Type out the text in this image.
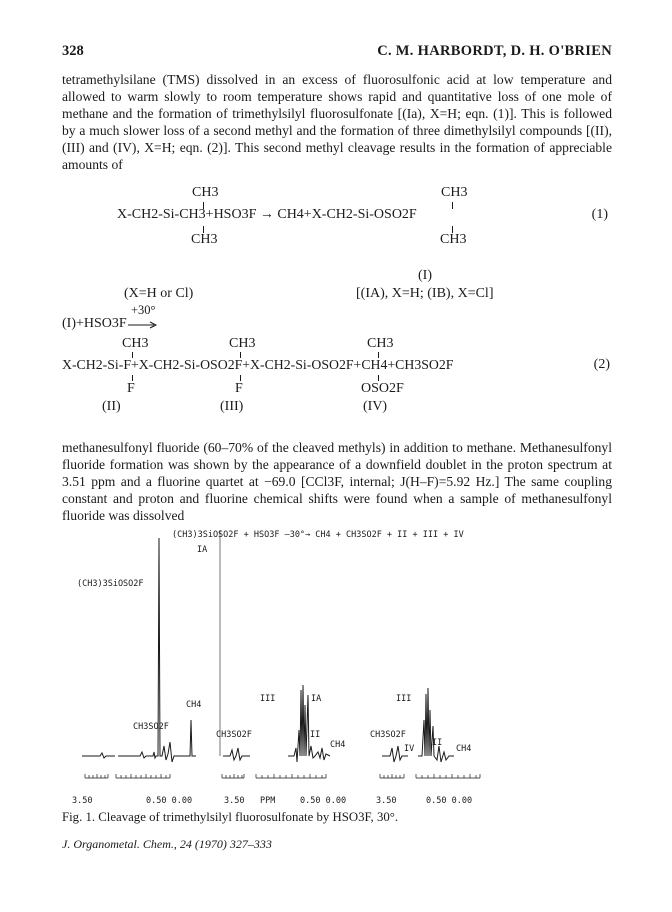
328	C. M. HARBORDT, D. H. O'BRIEN
tetramethylsilane (TMS) dissolved in an excess of fluorosulfonic acid at low temperature and allowed to warm slowly to room temperature shows rapid and quantitative loss of one mole of methane and the formation of trimethylsilyl fluorosulfonate [(Ia), X=H; eqn. (1)]. This is followed by a much slower loss of a second methyl and the formation of three dimethylsilyl compounds [(II), (III) and (IV), X=H; eqn. (2)]. This second methyl cleavage results in the formation of appreciable amounts of
CH3	CH3
X-CH2-Si-CH3+HSO3F → CH4+X-CH2-Si-OSO2F
CH3	CH3
(1)
(I)
(X=H or Cl)	[(IA), X=H; (IB), X=Cl]
+30°
(I)+HSO3F
CH3	CH3	CH3
X-CH2-Si-F+X-CH2-Si-OSO2F+X-CH2-Si-OSO2F+CH4+CH3SO2F	(2)
F	F	OSO2F
(II)	(III)	(IV)
methanesulfonyl fluoride (60–70% of the cleaved methyls) in addition to methane. Methanesulfonyl fluoride formation was shown by the appearance of a downfield doublet in the proton spectrum at 3.51 ppm and a fluorine quartet at −69.0 [CCl3F, internal; J(H–F)=5.92 Hz.] The same coupling constant and proton and fluorine chemical shifts were found when a sample of methanesulfonyl fluoride was dissolved
(CH3)3SiOSO2F + HSO3F —30°→ CH4 + CH3SO2F + II + III + IV
IA
(CH3)3SiOSO2F
CH4
CH3SO2F
III	IA
CH3SO2F	II
CH4
III
CH3SO2F
IV
II
CH4
3.50	0.50 0.00	3.50 PPM	0.50 0.00	3.50	0.50 0.00
Fig. 1. Cleavage of trimethylsilyl fluorosulfonate by HSO3F, 30°.
J. Organometal. Chem., 24 (1970) 327–333
